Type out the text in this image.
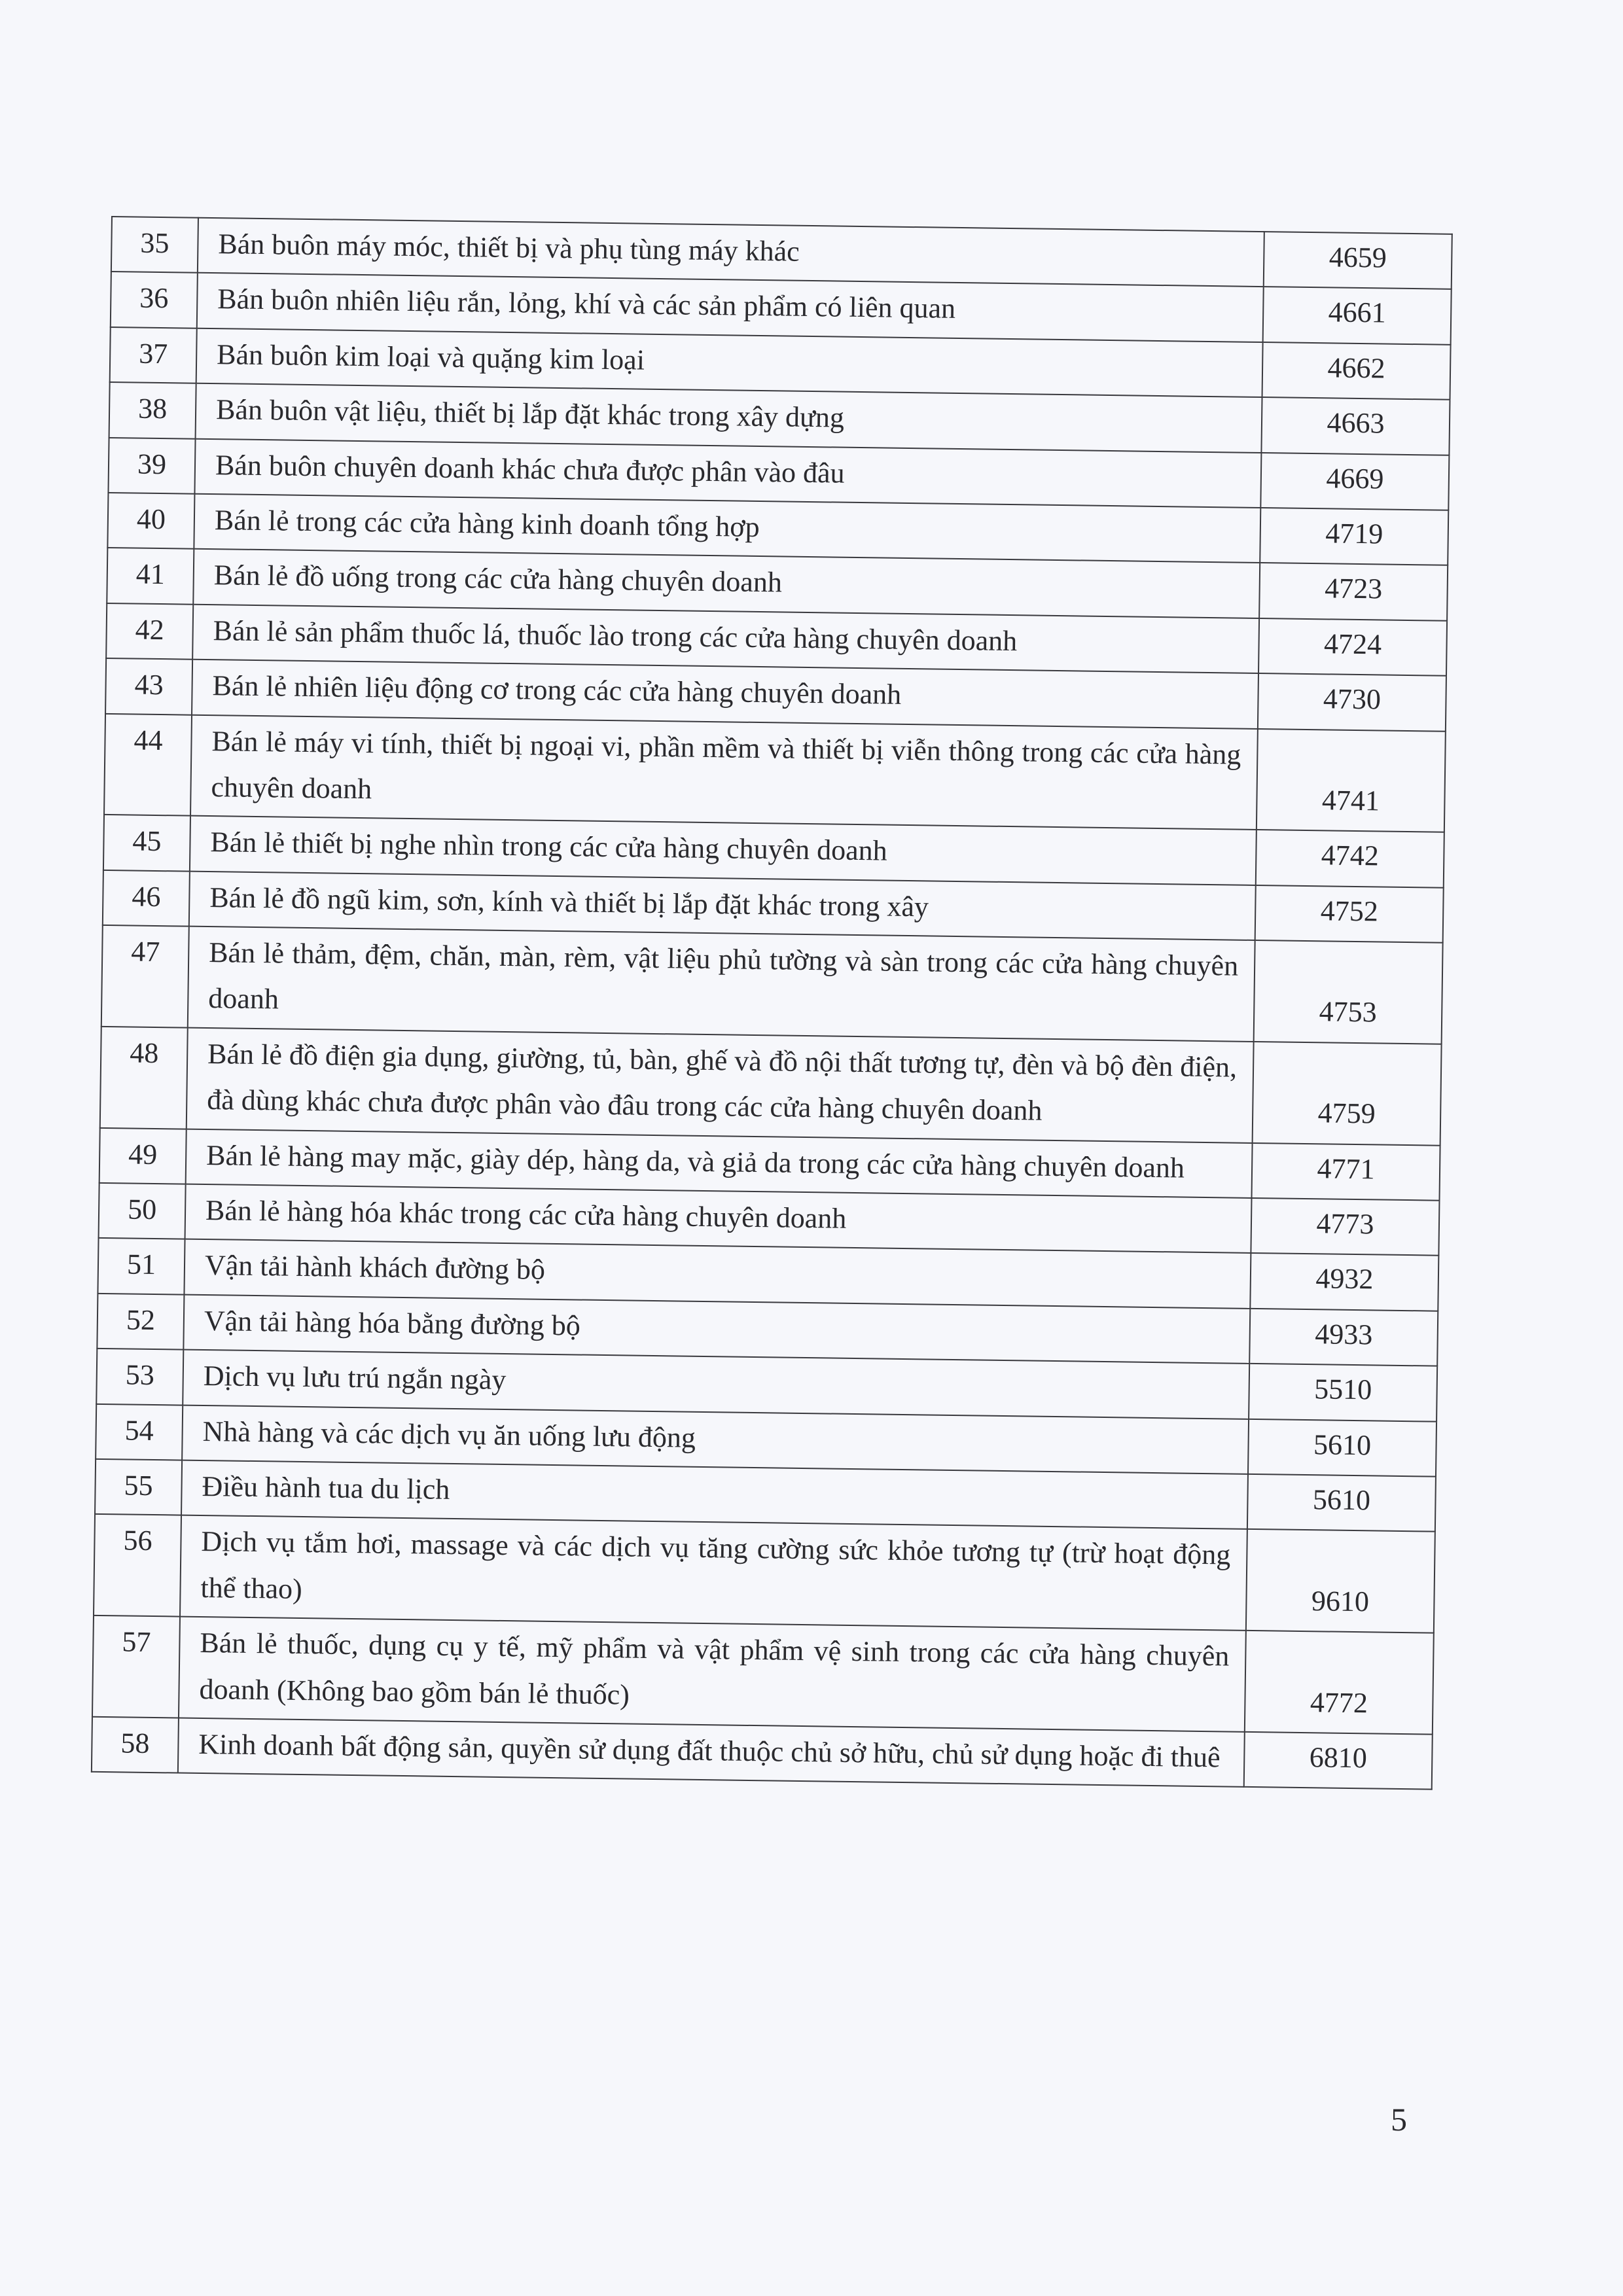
35	Bán buôn máy móc, thiết bị và phụ tùng máy khác	4659
36	Bán buôn nhiên liệu rắn, lỏng, khí và các sản phẩm có liên quan	4661
37	Bán buôn kim loại và quặng kim loại	4662
38	Bán buôn vật liệu, thiết bị lắp đặt khác trong xây dựng	4663
39	Bán buôn chuyên doanh khác chưa được phân vào đâu	4669
40	Bán lẻ trong các cửa hàng kinh doanh tổng hợp	4719
41	Bán lẻ đồ uống trong các cửa hàng chuyên doanh	4723
42	Bán lẻ sản phẩm thuốc lá, thuốc lào trong các cửa hàng chuyên doanh	4724
43	Bán lẻ nhiên liệu động cơ trong các cửa hàng chuyên doanh	4730
44	Bán lẻ máy vi tính, thiết bị ngoại vi, phần mềm và thiết bị viễn thông trong các cửa hàng chuyên doanh	4741
45	Bán lẻ thiết bị nghe nhìn trong các cửa hàng chuyên doanh	4742
46	Bán lẻ đồ ngũ kim, sơn, kính và thiết bị lắp đặt khác trong xây	4752
47	Bán lẻ thảm, đệm, chăn, màn, rèm, vật liệu phủ tường và sàn trong các cửa hàng chuyên doanh	4753
48	Bán lẻ đồ điện gia dụng, giường, tủ, bàn, ghế và đồ nội thất tương tự, đèn và bộ đèn điện, đà dùng khác chưa được phân vào đâu trong các cửa hàng chuyên doanh	4759
49	Bán lẻ hàng may mặc, giày dép, hàng da, và giả da trong các cửa hàng chuyên doanh	4771
50	Bán lẻ hàng hóa khác trong các cửa hàng chuyên doanh	4773
51	Vận tải hành khách đường bộ	4932
52	Vận tải hàng hóa bằng đường bộ	4933
53	Dịch vụ lưu trú ngắn ngày	5510
54	Nhà hàng và các dịch vụ ăn uống lưu động	5610
55	Điều hành tua du lịch	5610
56	Dịch vụ tắm hơi, massage và các dịch vụ tăng cường sức khỏe tương tự (trừ hoạt động thể thao)	9610
57	Bán lẻ thuốc, dụng cụ y tế, mỹ phẩm và vật phẩm vệ sinh trong các cửa hàng chuyên doanh (Không bao gồm bán lẻ thuốc)	4772
58	Kinh doanh bất động sản, quyền sử dụng đất thuộc chủ sở hữu, chủ sử dụng hoặc đi thuê	6810
5
